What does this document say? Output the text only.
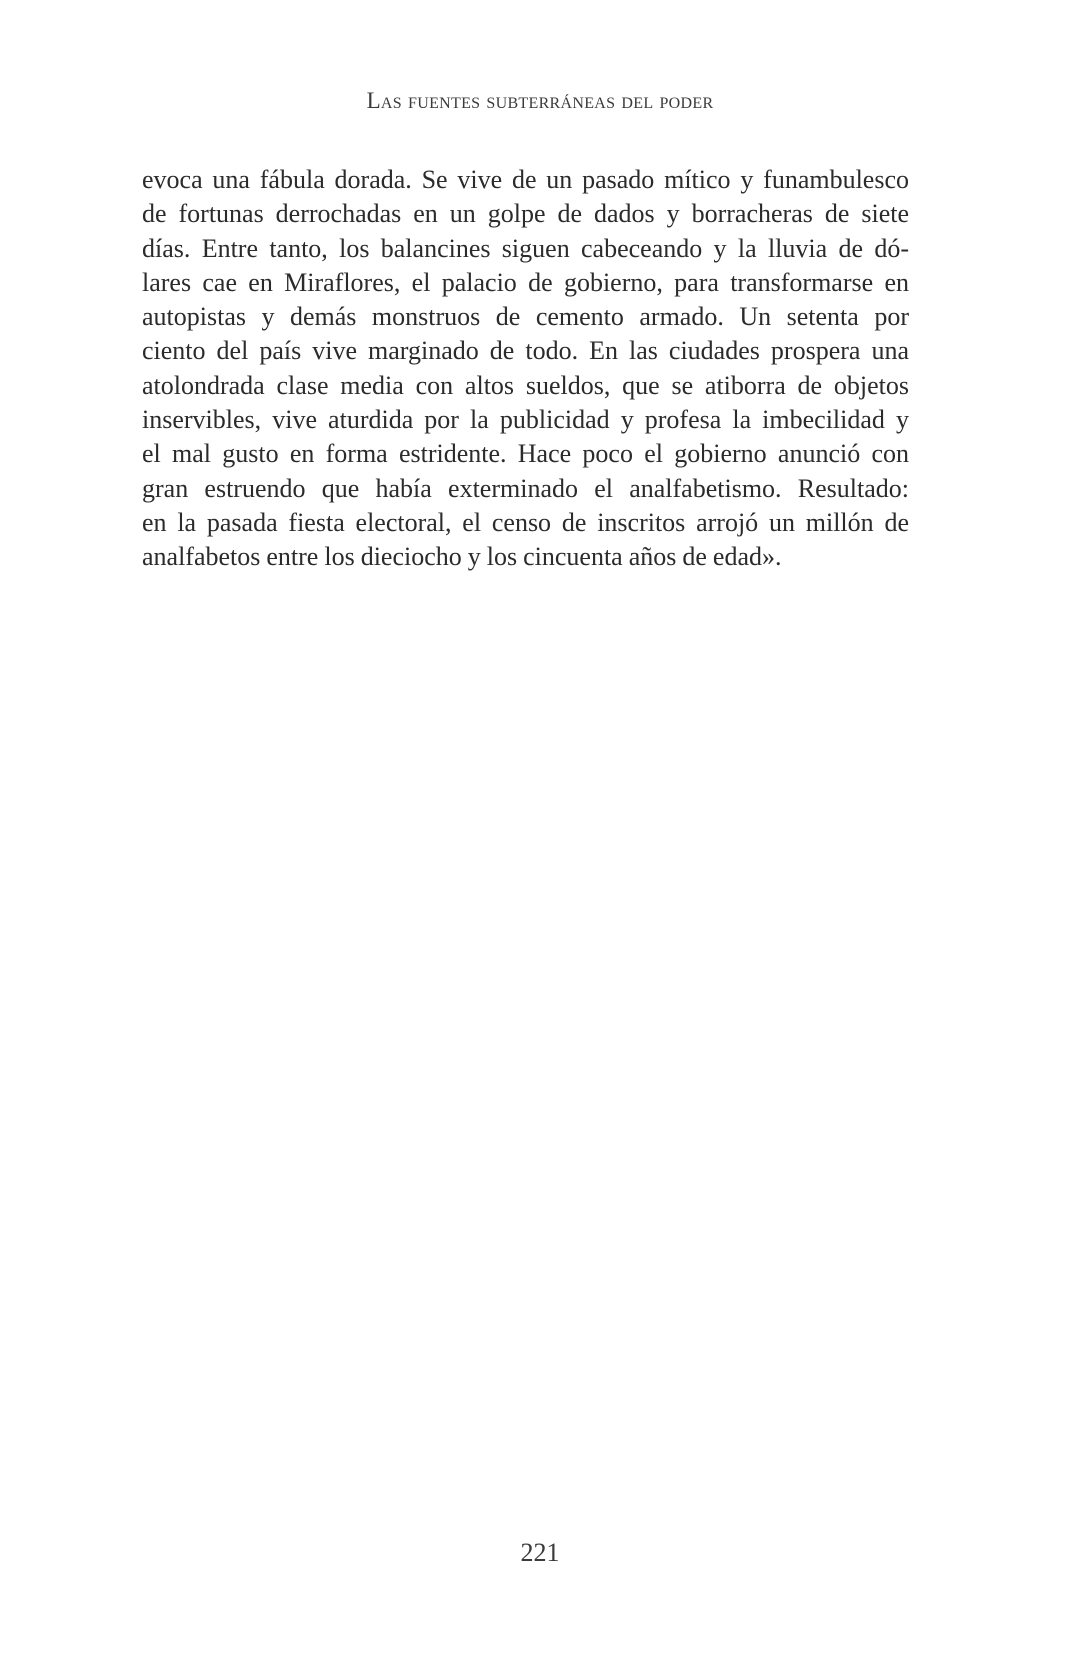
Las fuentes subterráneas del poder
evoca una fábula dorada. Se vive de un pasado mítico y funambulesco
de fortunas derrochadas en un golpe de dados y borracheras de siete
días. Entre tanto, los balancines siguen cabeceando y la lluvia de dó-
lares cae en Miraflores, el palacio de gobierno, para transformarse en
autopistas y demás monstruos de cemento armado. Un setenta por
ciento del país vive marginado de todo. En las ciudades prospera una
atolondrada clase media con altos sueldos, que se atiborra de objetos
inservibles, vive aturdida por la publicidad y profesa la imbecilidad y
el mal gusto en forma estridente. Hace poco el gobierno anunció con
gran estruendo que había exterminado el analfabetismo. Resultado:
en la pasada fiesta electoral, el censo de inscritos arrojó un millón de
analfabetos entre los dieciocho y los cincuenta años de edad».
221
